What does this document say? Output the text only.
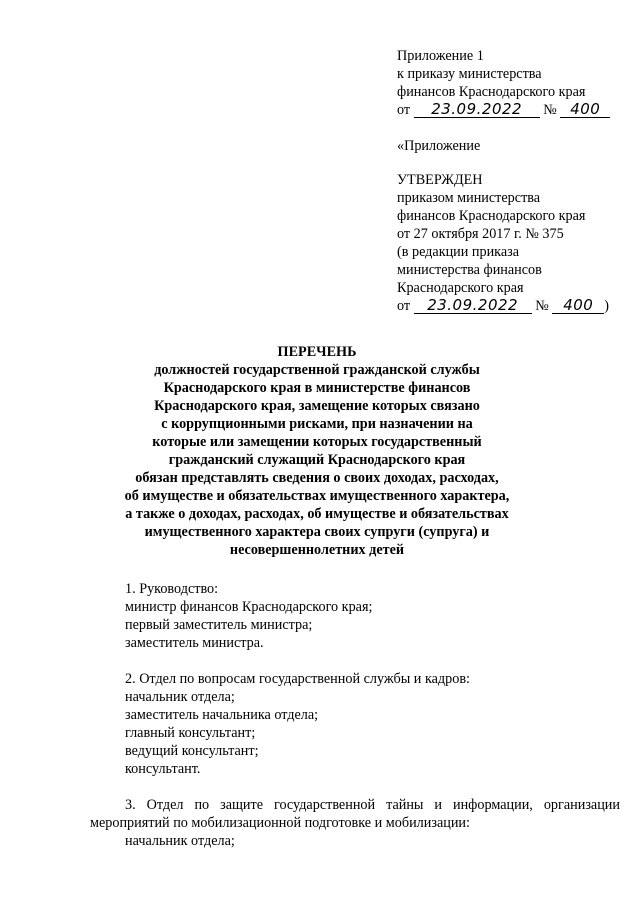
Приложение 1
к приказу министерства
финансов Краснодарского края
от 23.09.2022 № 400
«Приложение
УТВЕРЖДЕН
приказом министерства
финансов Краснодарского края
от 27 октября 2017 г. № 375
(в редакции приказа
министерства финансов
Краснодарского края
от 23.09.2022 № 400 )
ПЕРЕЧЕНЬ
должностей государственной гражданской службы
Краснодарского края в министерстве финансов
Краснодарского края, замещение которых связано
с коррупционными рисками, при назначении на
которые или замещении которых государственный
гражданский служащий Краснодарского края
обязан представлять сведения о своих доходах, расходах,
об имуществе и обязательствах имущественного характера,
а также о доходах, расходах, об имуществе и обязательствах
имущественного характера своих супруги (супруга) и
несовершеннолетних детей
1. Руководство:
министр финансов Краснодарского края;
первый заместитель министра;
заместитель министра.
2. Отдел по вопросам государственной службы и кадров:
начальник отдела;
заместитель начальника отдела;
главный консультант;
ведущий консультант;
консультант.
3. Отдел по защите государственной тайны и информации, организации
мероприятий по мобилизационной подготовке и мобилизации:
начальник отдела;
